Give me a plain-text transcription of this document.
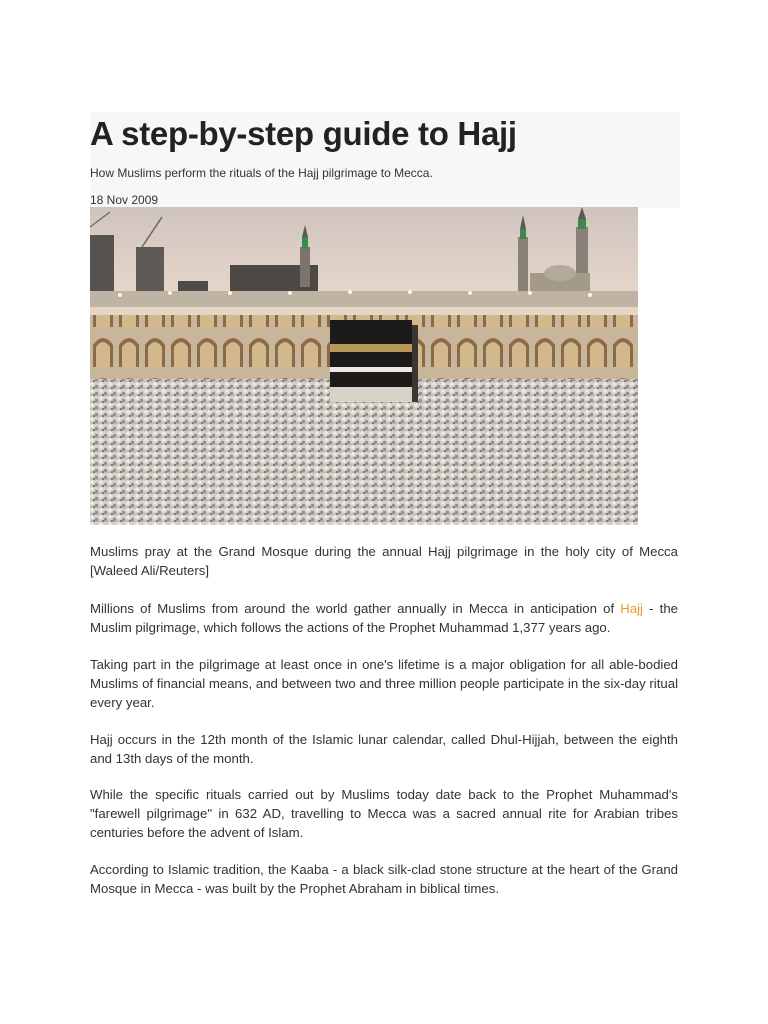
A step-by-step guide to Hajj

How Muslims perform the rituals of the Hajj pilgrimage to Mecca.

18 Nov 2009

Muslims pray at the Grand Mosque during the annual Hajj pilgrimage in the holy city of Mecca [Waleed Ali/Reuters]

Millions of Muslims from around the world gather annually in Mecca in anticipation of Hajj - the Muslim pilgrimage, which follows the actions of the Prophet Muhammad 1,377 years ago.

Taking part in the pilgrimage at least once in one's lifetime is a major obligation for all able-bodied Muslims of financial means, and between two and three million people participate in the six-day ritual every year.

Hajj occurs in the 12th month of the Islamic lunar calendar, called Dhul-Hijjah, between the eighth and 13th days of the month.

While the specific rituals carried out by Muslims today date back to the Prophet Muhammad's "farewell pilgrimage" in 632 AD, travelling to Mecca was a sacred annual rite for Arabian tribes centuries before the advent of Islam.

According to Islamic tradition, the Kaaba - a black silk-clad stone structure at the heart of the Grand Mosque in Mecca - was built by the Prophet Abraham in biblical times.
